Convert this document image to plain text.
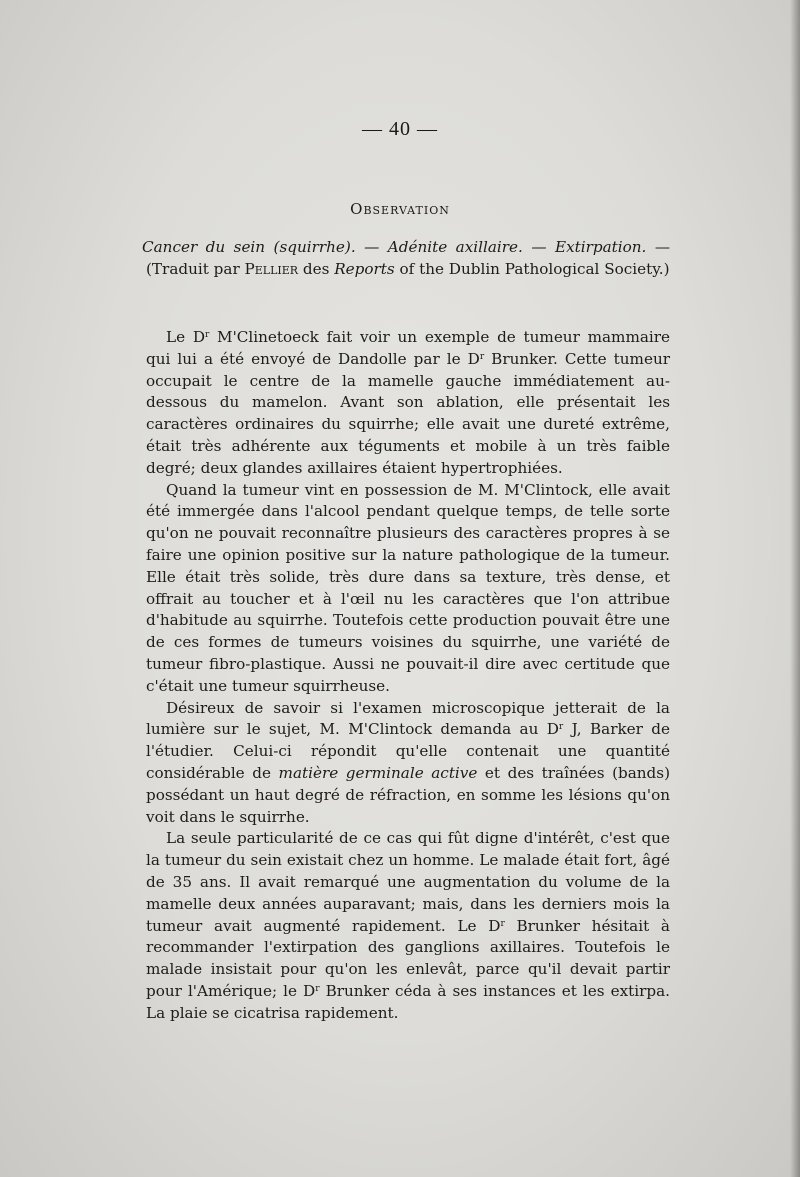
— 40 —
Observation
Cancer du sein (squirrhe). — Adénite axillaire. — Extirpation. — (Traduit par Pellier des Reports of the Dublin Pathological Society.)

Le $D^r$ M'Clinetoeck fait voir un exemple de tumeur mammaire qui lui a été envoyé de Dandolle par le $D^r$ Brunker. Cette tumeur occupait le centre de la mamelle gauche immédiatement au-dessous du mamelon. Avant son ablation, elle présentait les caractères ordinaires du squirrhe; elle avait une dureté extrême, était très adhérente aux téguments et mobile à un très faible degré; deux glandes axillaires étaient hypertrophiées.

Quand la tumeur vint en possession de M. M'Clintock, elle avait été immergée dans l'alcool pendant quelque temps, de telle sorte qu'on ne pouvait reconnaître plusieurs des caractères propres à se faire une opinion positive sur la nature pathologique de la tumeur. Elle était très solide, très dure dans sa texture, très dense, et offrait au toucher et à l'œil nu les caractères que l'on attribue d'habitude au squirrhe. Toutefois cette production pouvait être une de ces formes de tumeurs voisines du squirrhe, une variété de tumeur fibro-plastique. Aussi ne pouvait-il dire avec certitude que c'était une tumeur squirrheuse.

Désireux de savoir si l'examen microscopique jetterait de la lumière sur le sujet, M. M'Clintock demanda au $D^r$ J, Barker de l'étudier. Celui-ci répondit qu'elle contenait une quantité considérable de matière germinale active et des traînées (bands) possédant un haut degré de réfraction, en somme les lésions qu'on voit dans le squirrhe.

La seule particularité de ce cas qui fût digne d'intérêt, c'est que la tumeur du sein existait chez un homme. Le malade était fort, âgé de 35 ans. Il avait remarqué une augmentation du volume de la mamelle deux années auparavant; mais, dans les derniers mois la tumeur avait augmenté rapidement. Le $D^r$ Brunker hésitait à recommander l'extirpation des ganglions axillaires. Toutefois le malade insistait pour qu'on les enlevât, parce qu'il devait partir pour l'Amérique; le $D^r$ Brunker céda à ses instances et les extirpa. La plaie se cicatrisa rapidement.
